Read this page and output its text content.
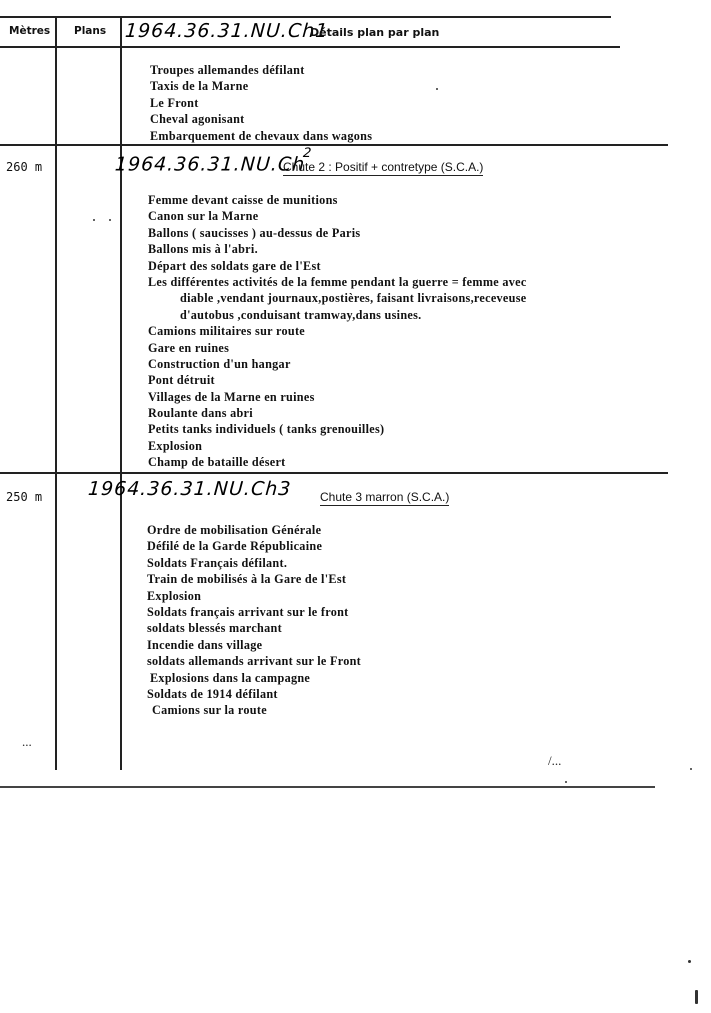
Mètres Plans 1964.36.31.NU.Ch1
Détails plan par plan
Troupes allemandes défilant
Taxis de la Marne
Le Front
Cheval agonisant
Embarquement de chevaux dans wagons
260 m	1964.36.31.NU.Ch$^2$
Chute 2 : Positif + contretype (S.C.A.)
Femme devant caisse de munitions
Canon sur la Marne
Ballons ( saucisses ) au-dessus de Paris
Ballons mis à l'abri.
Départ des soldats gare de l'Est
Les différentes activités de la femme pendant la guerre = femme avec
diable ,vendant journaux,postières, faisant livraisons,receveuse
d'autobus ,conduisant tramway,dans usines.
Camions militaires sur route
Gare en ruines
Construction d'un hangar
Pont détruit
Villages de la Marne en ruines
Roulante dans abri
Petits tanks individuels ( tanks grenouilles)
Explosion
Champ de bataille désert
250 m 1964.36.31.NU.Ch3 Chute 3 marron (S.C.A.)
Ordre de mobilisation Générale
Défilé de la Garde Républicaine
Soldats Français défilant.
Train de mobilisés à la Gare de l'Est
Explosion
Soldats français arrivant sur le front
soldats blessés marchant
Incendie dans village
soldats allemands arrivant sur le Front
Explosions dans la campagne
Soldats de 1914 défilant
Camions sur la route
...
/...
